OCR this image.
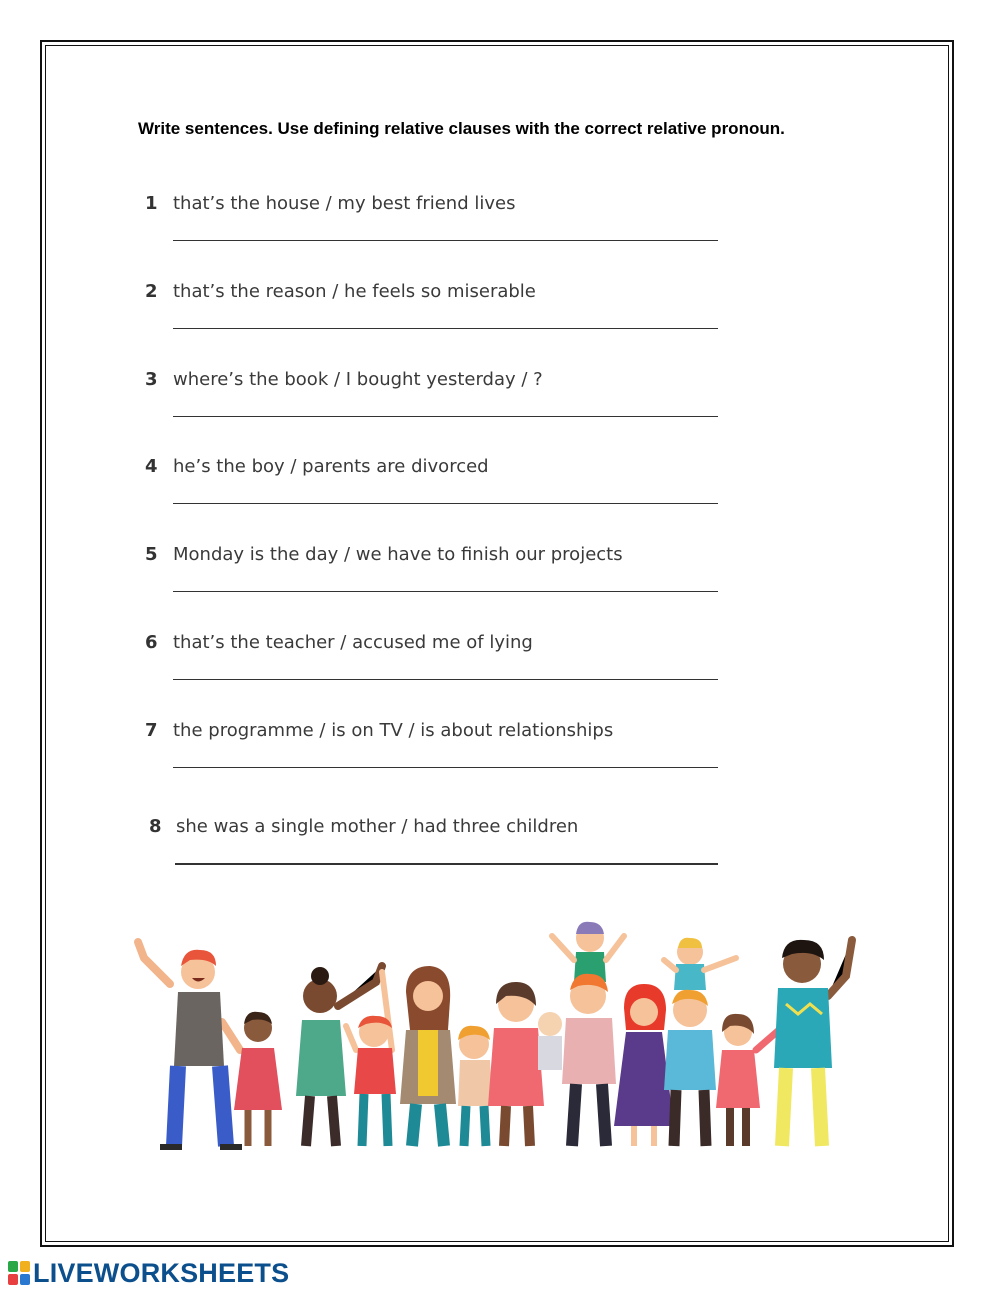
Write sentences. Use defining relative clauses with the correct relative pronoun.

1 that’s the house / my best friend lives
2 that’s the reason / he feels so miserable
3 where’s the book / I bought yesterday / ?
4 he’s the boy / parents are divorced
5 Monday is the day / we have to finish our projects
6 that’s the teacher / accused me of lying
7 the programme / is on TV / is about relationships
8 she was a single mother / had three children
LIVEWORKSHEETS
